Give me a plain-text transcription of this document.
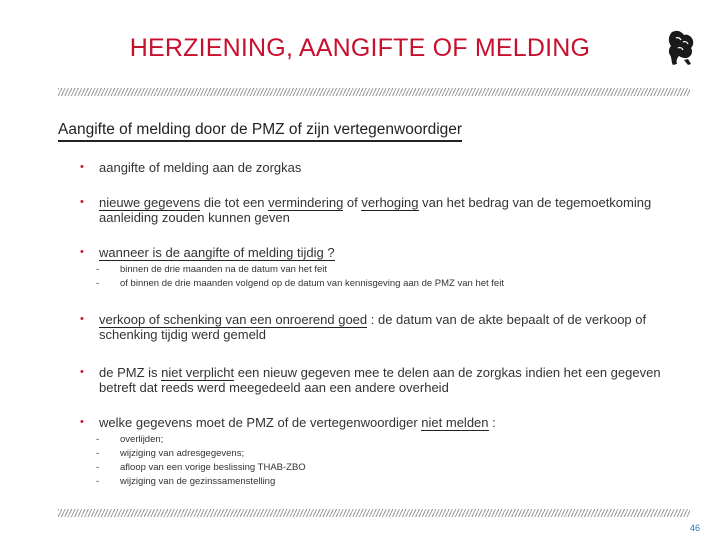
HERZIENING, AANGIFTE OF MELDING
Aangifte of melding door de PMZ of zijn vertegenwoordiger
• aangifte of melding aan de zorgkas
• nieuwe gegevens die tot een vermindering of verhoging van het bedrag van de tegemoetkoming aanleiding zouden kunnen geven
• wanneer is de aangifte of melding tijdig ?
- binnen de drie maanden na de datum van het feit
- of binnen de drie maanden volgend op de datum van kennisgeving aan de PMZ van het feit
• verkoop of schenking van een onroerend goed : de datum van de akte bepaalt of de verkoop of schenking tijdig werd gemeld
• de PMZ is niet verplicht een nieuw gegeven mee te delen aan de zorgkas indien het een gegeven betreft dat reeds werd meegedeeld aan een andere overheid
• welke gegevens moet de PMZ of de vertegenwoordiger niet melden :
- overlijden;
- wijziging van adresgegevens;
- afloop van een vorige beslissing THAB-ZBO
- wijziging van de gezinssamenstelling
46
